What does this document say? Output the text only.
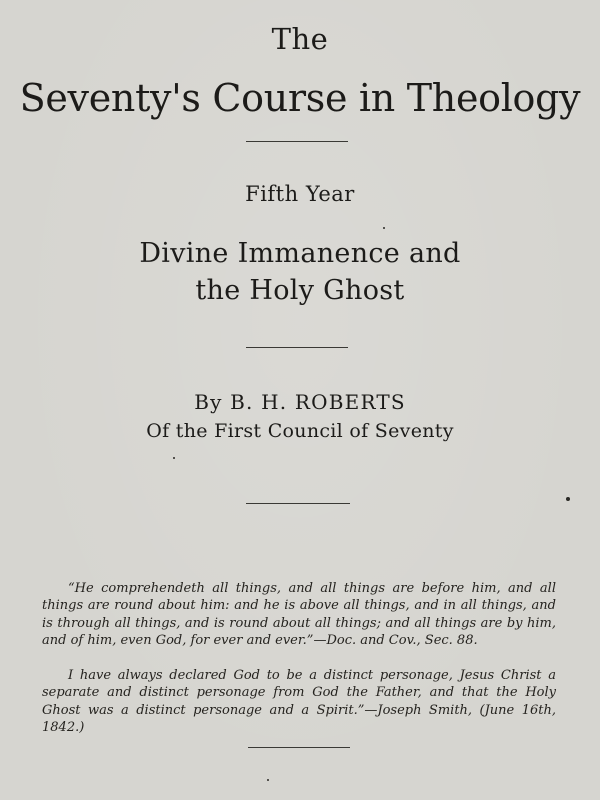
The
Seventy's Course in Theology
Fifth Year
Divine Immanence and
the Holy Ghost
By B. H. ROBERTS
Of the First Council of Seventy

“He comprehendeth all things, and all things are before him, and all things are round about him: and he is above all things, and in all things, and is through all things, and is round about all things; and all things are by him, and of him, even God, for ever and ever.”—Doc. and Cov., Sec. 88.

I have always declared God to be a distinct personage, Jesus Christ a separate and distinct personage from God the Father, and that the Holy Ghost was a distinct personage and a Spirit.”—Joseph Smith, (June 16th, 1842.)
